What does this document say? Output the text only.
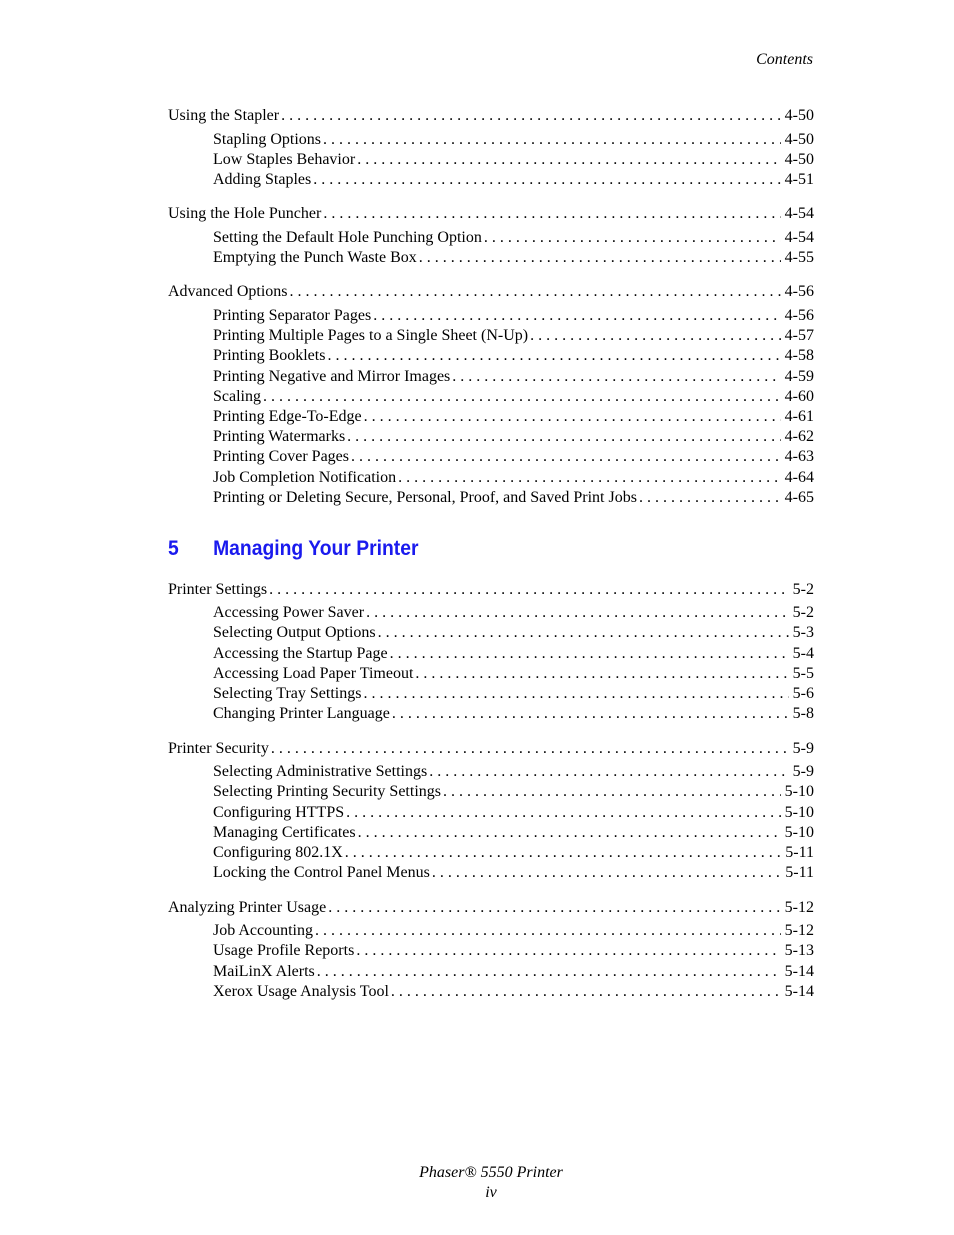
Contents
Using the Stapler . . .	4-50
Stapling Options . . .	4-50
Low Staples Behavior . . .	4-50
Adding Staples . . .	4-51
Using the Hole Puncher . . .	4-54
Setting the Default Hole Punching Option . . .	4-54
Emptying the Punch Waste Box . . .	4-55
Advanced Options . . .	4-56
Printing Separator Pages . . .	4-56
Printing Multiple Pages to a Single Sheet (N-Up) . . .	4-57
Printing Booklets . . .	4-58
Printing Negative and Mirror Images . . .	4-59
Scaling . . .	4-60
Printing Edge-To-Edge . . .	4-61
Printing Watermarks . . .	4-62
Printing Cover Pages . . .	4-63
Job Completion Notification . . .	4-64
Printing or Deleting Secure, Personal, Proof, and Saved Print Jobs . . .	4-65
5	Managing Your Printer
Printer Settings . . .	5-2
Accessing Power Saver . . .	5-2
Selecting Output Options . . .	5-3
Accessing the Startup Page . . .	5-4
Accessing Load Paper Timeout . . .	5-5
Selecting Tray Settings . . .	5-6
Changing Printer Language . . .	5-8
Printer Security . . .	5-9
Selecting Administrative Settings . . .	5-9
Selecting Printing Security Settings . . .	5-10
Configuring HTTPS . . .	5-10
Managing Certificates . . .	5-10
Configuring 802.1X . . .	5-11
Locking the Control Panel Menus . . .	5-11
Analyzing Printer Usage . . .	5-12
Job Accounting . . .	5-12
Usage Profile Reports . . .	5-13
MaiLinX Alerts . . .	5-14
Xerox Usage Analysis Tool . . .	5-14
Phaser® 5550 Printer
iv
